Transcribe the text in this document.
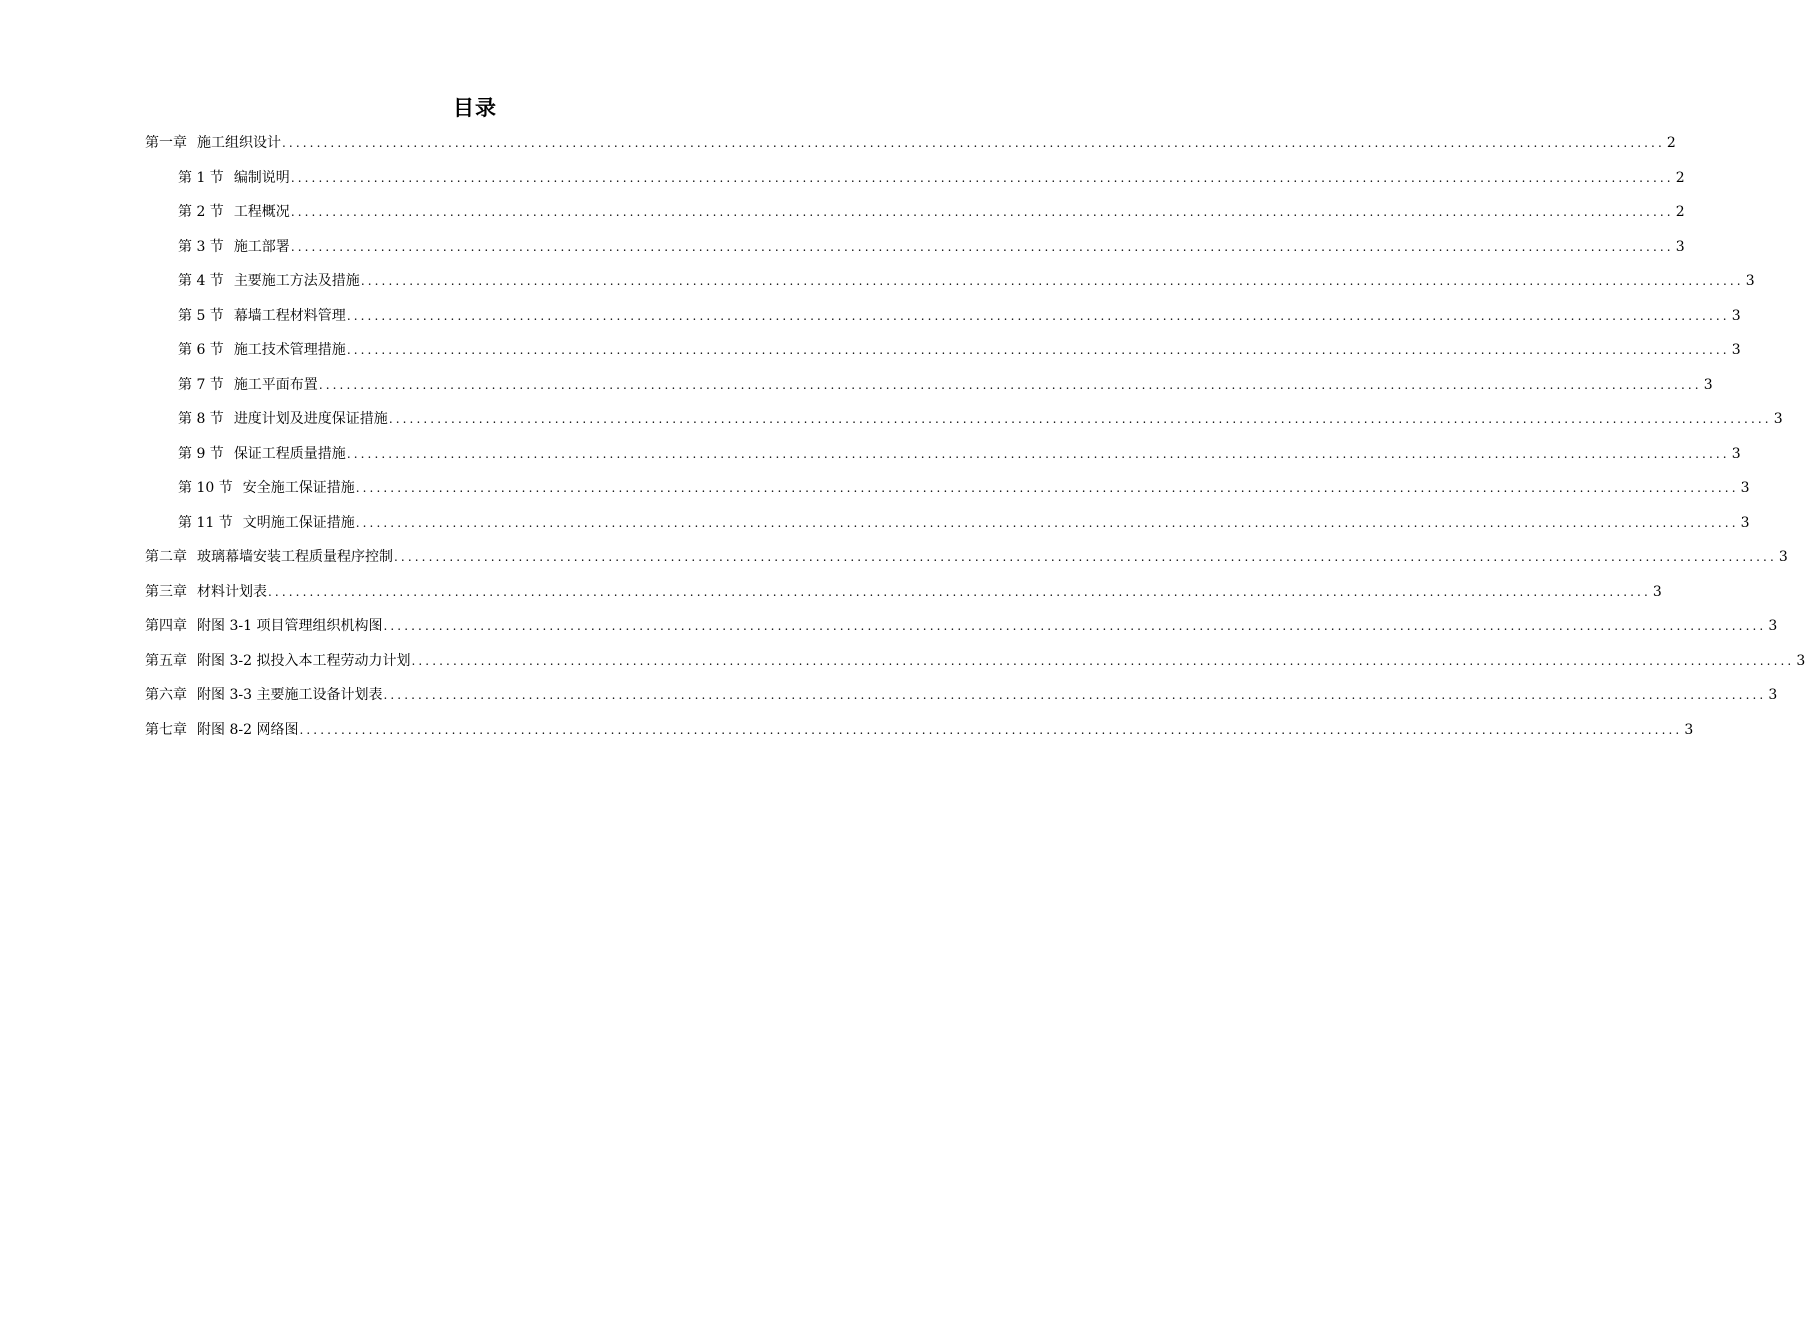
目录
第一章 施工组织设计 ........................................................................................................................................................................................................ 2
第 1 节 编制说明 ........................................................................................................................................................................................................ 2
第 2 节 工程概况 ........................................................................................................................................................................................................ 2
第 3 节 施工部署 ........................................................................................................................................................................................................ 3
第 4 节 主要施工方法及措施 ........................................................................................................................................................................................................ 3
第 5 节 幕墙工程材料管理 ........................................................................................................................................................................................................ 3
第 6 节 施工技术管理措施 ........................................................................................................................................................................................................ 3
第 7 节 施工平面布置 ........................................................................................................................................................................................................ 3
第 8 节 进度计划及进度保证措施 ........................................................................................................................................................................................................ 3
第 9 节 保证工程质量措施 ........................................................................................................................................................................................................ 3
第 10 节 安全施工保证措施 ........................................................................................................................................................................................................ 3
第 11 节 文明施工保证措施 ........................................................................................................................................................................................................ 3
第二章 玻璃幕墙安装工程质量程序控制 ........................................................................................................................................................................................................ 3
第三章 材料计划表 ........................................................................................................................................................................................................ 3
第四章 附图 3-1 项目管理组织机构图 ........................................................................................................................................................................................................ 3
第五章 附图 3-2 拟投入本工程劳动力计划 ........................................................................................................................................................................................................ 3
第六章 附图 3-3 主要施工设备计划表 ........................................................................................................................................................................................................ 3
第七章 附图 8-2 网络图 ........................................................................................................................................................................................................ 3
